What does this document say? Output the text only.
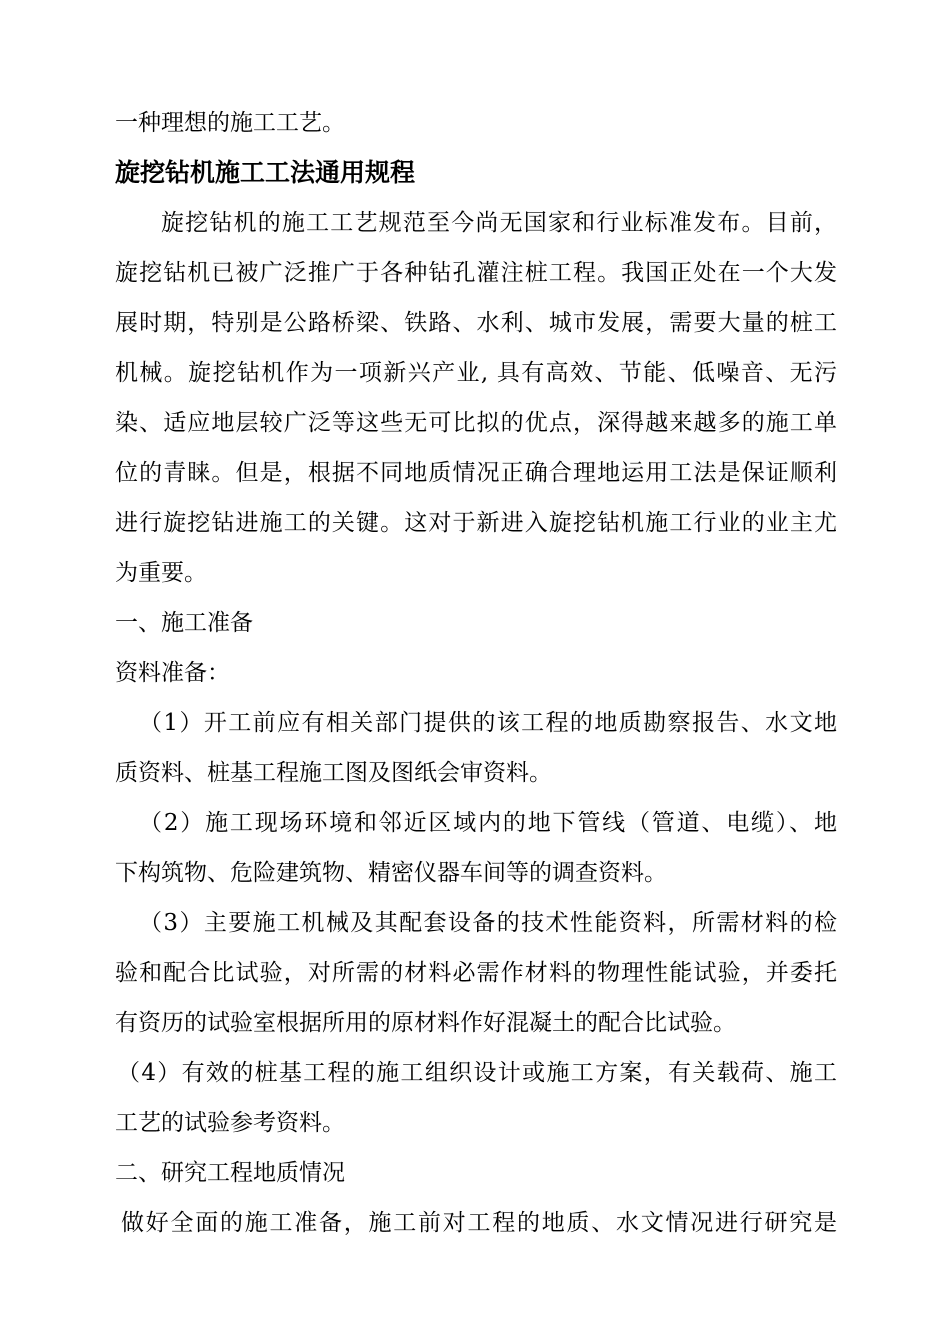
一种理想的施工工艺。
旋挖钻机施工工法通用规程
旋挖钻机的施工工艺规范至今尚无国家和行业标准发布。目前，
旋挖钻机已被广泛推广于各种钻孔灌注桩工程。我国正处在一个大发
展时期，特别是公路桥梁、铁路、水利、城市发展，需要大量的桩工
机械。旋挖钻机作为一项新兴产业, 具有高效、节能、低噪音、无污
染、适应地层较广泛等这些无可比拟的优点，深得越来越多的施工单
位的青睐。但是，根据不同地质情况正确合理地运用工法是保证顺利
进行旋挖钻进施工的关键。这对于新进入旋挖钻机施工行业的业主尤
为重要。
一、施工准备
资料准备：
（1）开工前应有相关部门提供的该工程的地质勘察报告、水文地
质资料、桩基工程施工图及图纸会审资料。
（2）施工现场环境和邻近区域内的地下管线（管道、电缆）、地
下构筑物、危险建筑物、精密仪器车间等的调查资料。
（3）主要施工机械及其配套设备的技术性能资料，所需材料的检
验和配合比试验，对所需的材料必需作材料的物理性能试验，并委托
有资历的试验室根据所用的原材料作好混凝土的配合比试验。
（4）有效的桩基工程的施工组织设计或施工方案，有关载荷、施工
工艺的试验参考资料。
二、研究工程地质情况
做好全面的施工准备，施工前对工程的地质、水文情况进行研究是
